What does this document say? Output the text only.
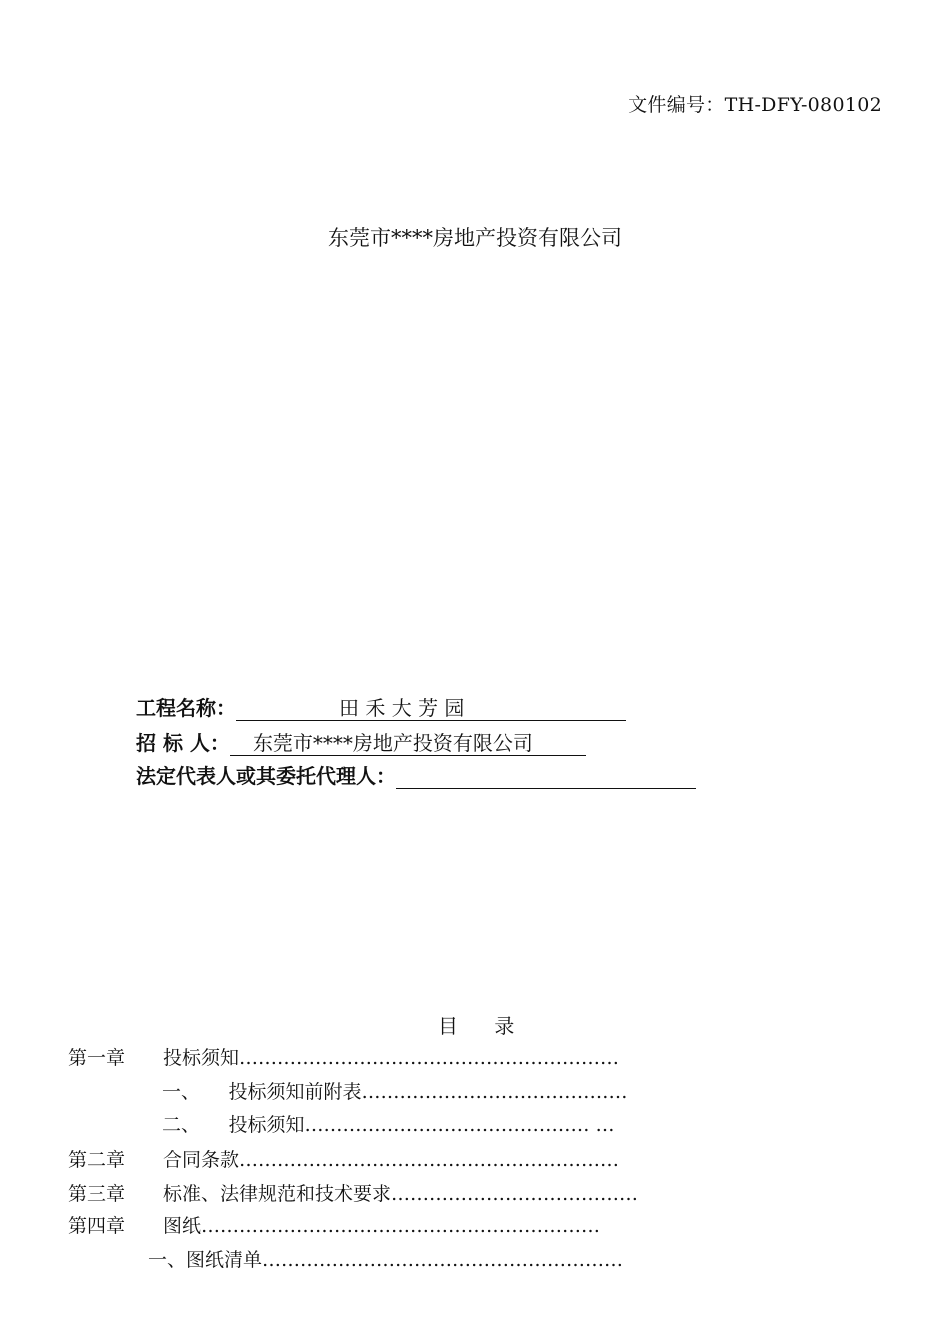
文件编号：TH-DFY-080102
东莞市****房地产投资有限公司
工程名称：	田 禾 大 芳 园
招 标 人： 东莞市****房地产投资有限公司
法定代表人或其委托代理人：
目 录
第一章　　投标须知……………………………………………………
一、　　投标须知前附表……………………………………
二、　　投标须知……………………………………… …
第二章　　合同条款……………………………………………………
第三章　　标准、法律规范和技术要求…………………………………
第四章　　图纸………………………………………………………
一、图纸清单…………………………………………………
